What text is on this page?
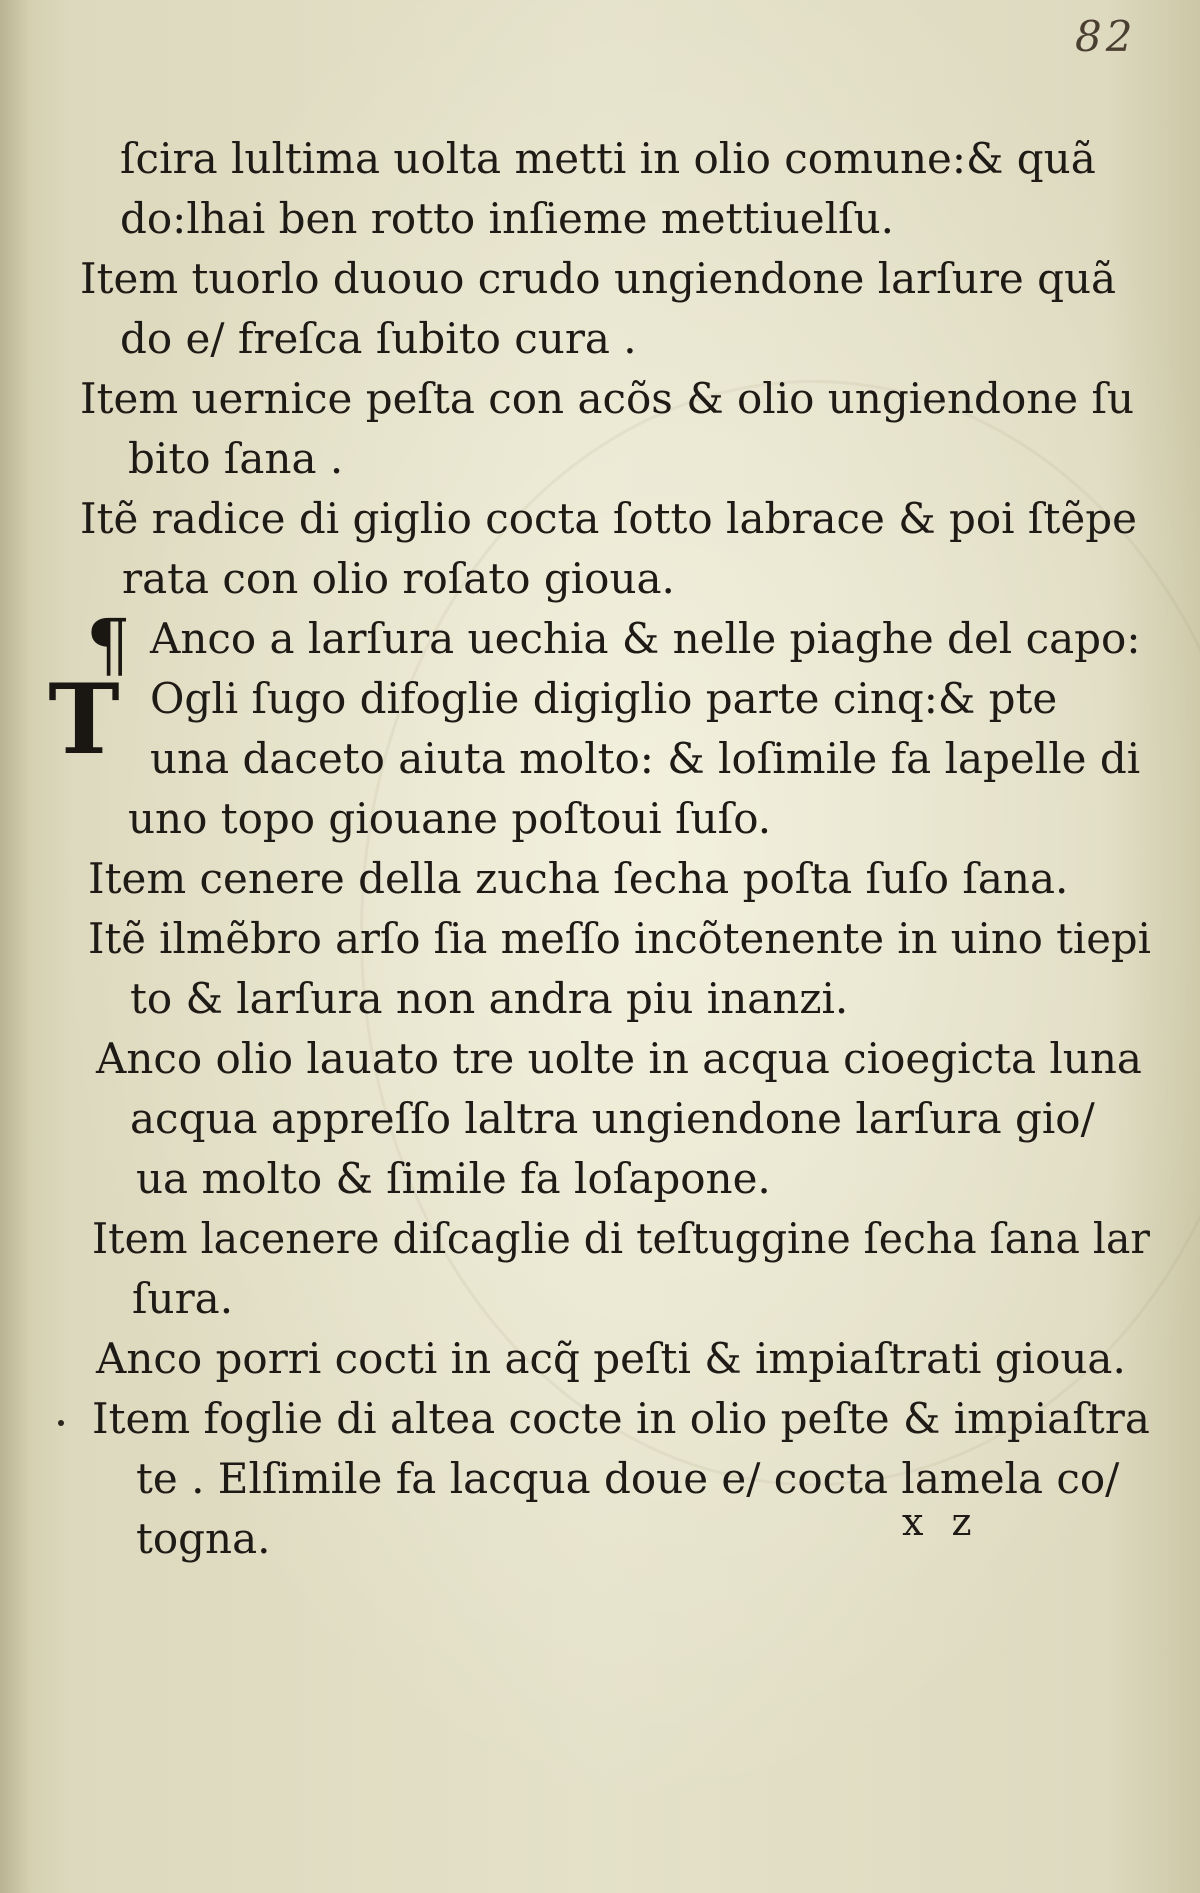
82
ſcira lultima uolta metti in olio comune:& quã
do:lhai ben rotto inſieme mettiuelſu.
Item tuorlo duouo crudo ungiendone larſure quã
do e/ freſca ſubito cura .
Item uernice peſta con acõs & olio ungiendone ſu
bito ſana .
Itẽ radice di giglio cocta ſotto labrace & poi ſtẽpe
rata con olio roſato gioua.
¶ Anco a larſura uechia & nelle piaghe del capo:
T Ogli ſugo difoglie digiglio parte cinq:& pte
una daceto aiuta molto: & loſimile fa lapelle di
uno topo giouane poſtoui ſuſo.
Item cenere della zucha ſecha poſta ſuſo ſana.
Itẽ ilmẽbro arſo ſia meſſo incõtenente in uino tiepi
to & larſura non andra piu inanzi.
Anco olio lauato tre uolte in acqua cioegicta luna
acqua appreſſo laltra ungiendone larſura gio/
ua molto & ſimile fa loſapone.
Item lacenere diſcaglie di teſtuggine ſecha ſana lar
ſura.
Anco porri cocti in acq̃ peſti & impiaſtrati gioua.
Item foglie di altea cocte in olio peſte & impiaſtra
te . Elſimile fa lacqua doue e/ cocta lamela co/
togna.	x z
